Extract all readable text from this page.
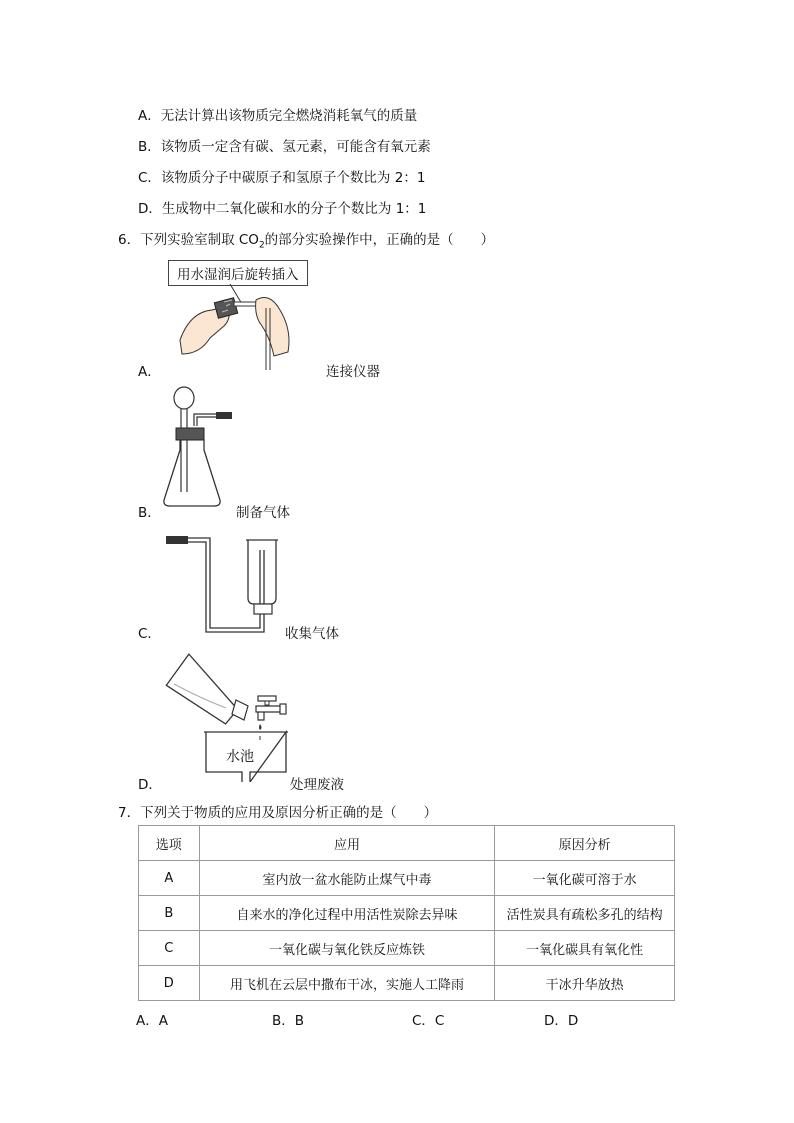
A．无法计算出该物质完全燃烧消耗氧气的质量
B．该物质一定含有碳、氢元素，可能含有氧元素
C．该物质分子中碳原子和氢原子个数比为 2：1
D．生成物中二氧化碳和水的分子个数比为 1：1
6．下列实验室制取 $CO_2$的部分实验操作中，正确的是（　　）
用水湿润后旋转插入
A．	连接仪器
B．	制备气体
C．	收集气体
水池
D．	处理废液
7．下列关于物质的应用及原因分析正确的是（　　）
选项	应用	原因分析
A	室内放一盆水能防止煤气中毒	一氧化碳可溶于水
B	自来水的净化过程中用活性炭除去异味	活性炭具有疏松多孔的结构
C	一氧化碳与氧化铁反应炼铁	一氧化碳具有氧化性
D	用飞机在云层中撒布干冰，实施人工降雨	干冰升华放热
A．A	B．B	C．C	D．D
